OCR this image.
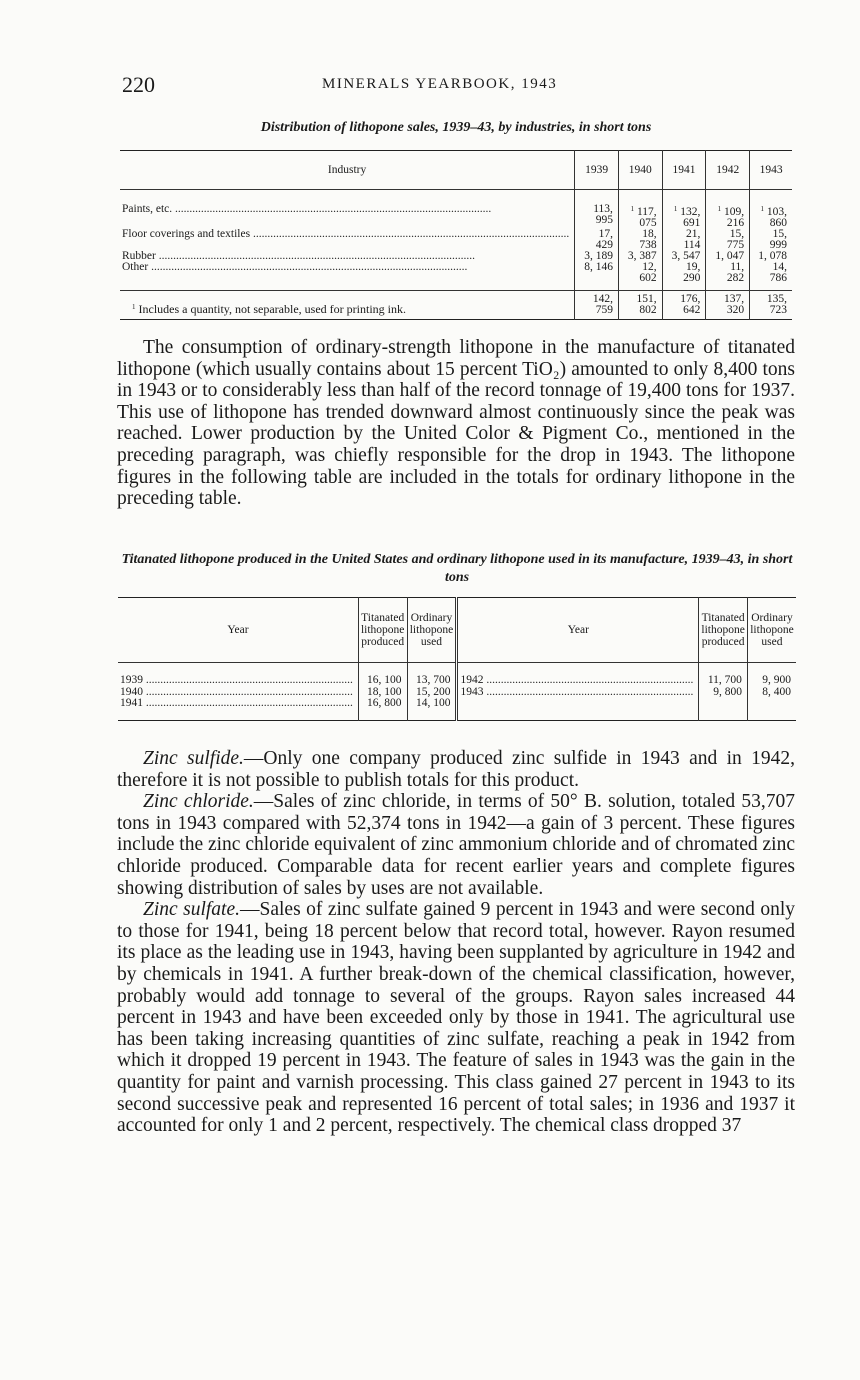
220	MINERALS YEARBOOK, 1943
Distribution of lithopone sales, 1939–43, by industries, in short tons
Industry	1939	1940	1941	1942	1943

Paints, etc. .....	113, 995	$^1$ 117, 075	$^1$ 132, 691	$^1$ 109, 216	$^1$ 103, 860
Floor coverings and textiles .....	17, 429	18, 738	21, 114	15, 775	15, 999
Rubber .....	3, 189	3, 387	3, 547	1, 047	1, 078
Other .....	8, 146	12, 602	19, 290	11, 282	14, 786
	142, 759	151, 802	176, 642	137, 320	135, 723
$^1$ Includes a quantity, not separable, used for printing ink.

The consumption of ordinary-strength lithopone in the manufacture of titanated lithopone (which usually contains about 15 percent TiO₂) amounted to only 8,400 tons in 1943 or to considerably less than half of the record tonnage of 19,400 tons for 1937. This use of lithopone has trended downward almost continuously since the peak was reached. Lower production by the United Color & Pigment Co., mentioned in the preceding paragraph, was chiefly responsible for the drop in 1943. The lithopone figures in the following table are included in the totals for ordinary lithopone in the preceding table.

Titanated lithopone produced in the United States and ordinary lithopone used in its manufacture, 1939–43, in short tons
Year	Titanated lithopone produced	Ordinary lithopone used	Year	Titanated lithopone produced	Ordinary lithopone used

1939 .....	16, 100	13, 700	1942 .....	11, 700	9, 900
1940 .....	18, 100	15, 200	1943 .....	9, 800	8, 400
1941 .....	16, 800	14, 100			

Zinc sulfide.—Only one company produced zinc sulfide in 1943 and in 1942, therefore it is not possible to publish totals for this product.

Zinc chloride.—Sales of zinc chloride, in terms of 50° B. solution, totaled 53,707 tons in 1943 compared with 52,374 tons in 1942—a gain of 3 percent. These figures include the zinc chloride equivalent of zinc ammonium chloride and of chromated zinc chloride produced. Comparable data for recent earlier years and complete figures showing distribution of sales by uses are not available.

Zinc sulfate.—Sales of zinc sulfate gained 9 percent in 1943 and were second only to those for 1941, being 18 percent below that record total, however. Rayon resumed its place as the leading use in 1943, having been supplanted by agriculture in 1942 and by chemicals in 1941. A further break-down of the chemical classification, however, probably would add tonnage to several of the groups. Rayon sales increased 44 percent in 1943 and have been exceeded only by those in 1941. The agricultural use has been taking increasing quantities of zinc sulfate, reaching a peak in 1942 from which it dropped 19 percent in 1943. The feature of sales in 1943 was the gain in the quantity for paint and varnish processing. This class gained 27 percent in 1943 to its second successive peak and represented 16 percent of total sales; in 1936 and 1937 it accounted for only 1 and 2 percent, respectively. The chemical class dropped 37
